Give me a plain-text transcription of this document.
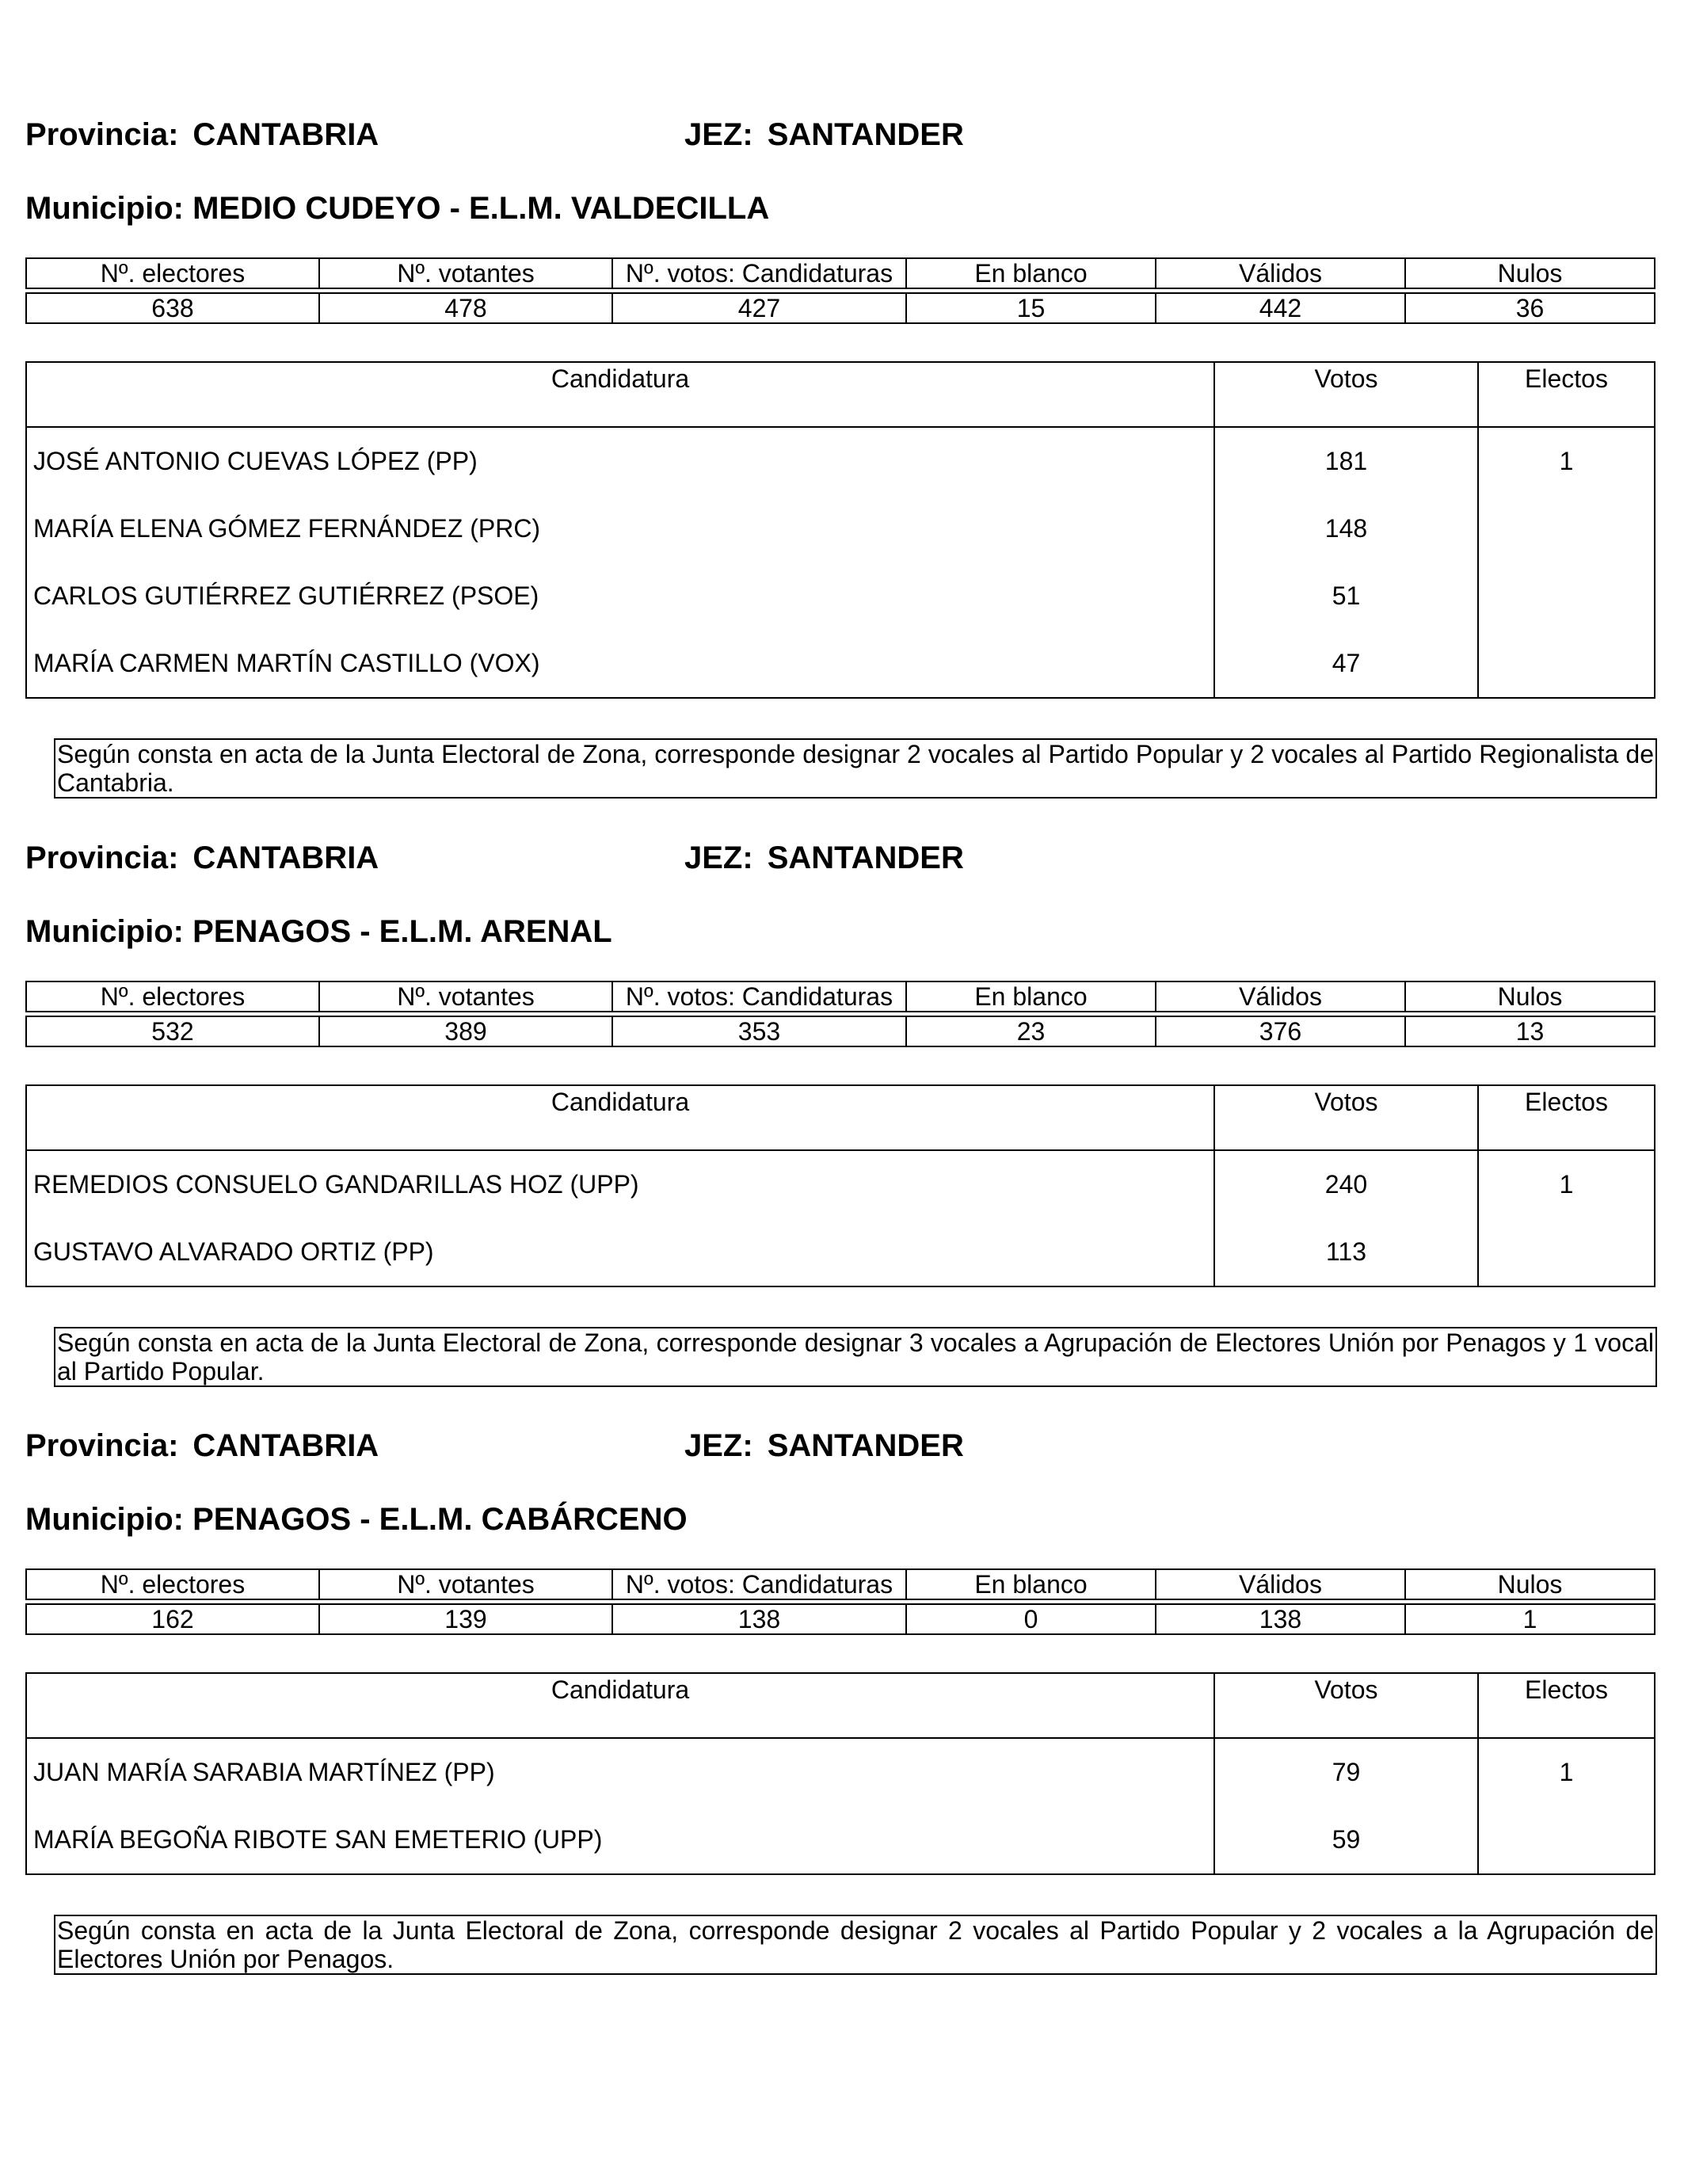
Provincia: CANTABRIA	JEZ: SANTANDER
Municipio: MEDIO CUDEYO - E.L.M. VALDECILLA
Nº. electores	Nº. votantes	Nº. votos: Candidaturas	En blanco	Válidos	Nulos
638	478	427	15	442	36
Candidatura	Votos	Electos
JOSÉ ANTONIO CUEVAS LÓPEZ (PP)	181	1
MARÍA ELENA GÓMEZ FERNÁNDEZ (PRC)	148	
CARLOS GUTIÉRREZ GUTIÉRREZ (PSOE)	51	
MARÍA CARMEN MARTÍN CASTILLO (VOX)	47	
Según consta en acta de la Junta Electoral de Zona, corresponde designar 2 vocales al Partido Popular y 2 vocales al Partido Regionalista de Cantabria.
Provincia: CANTABRIA	JEZ: SANTANDER
Municipio: PENAGOS - E.L.M. ARENAL
Nº. electores	Nº. votantes	Nº. votos: Candidaturas	En blanco	Válidos	Nulos
532	389	353	23	376	13
Candidatura	Votos	Electos
REMEDIOS CONSUELO GANDARILLAS HOZ (UPP)	240	1
GUSTAVO ALVARADO ORTIZ (PP)	113	
Según consta en acta de la Junta Electoral de Zona, corresponde designar 3 vocales a Agrupación de Electores Unión por Penagos y 1 vocal al Partido Popular.
Provincia: CANTABRIA	JEZ: SANTANDER
Municipio: PENAGOS - E.L.M. CABÁRCENO
Nº. electores	Nº. votantes	Nº. votos: Candidaturas	En blanco	Válidos	Nulos
162	139	138	0	138	1
Candidatura	Votos	Electos
JUAN MARÍA SARABIA MARTÍNEZ (PP)	79	1
MARÍA BEGOÑA RIBOTE SAN EMETERIO (UPP)	59	
Según consta en acta de la Junta Electoral de Zona, corresponde designar 2 vocales al Partido Popular y 2 vocales a la Agrupación de Electores Unión por Penagos.
